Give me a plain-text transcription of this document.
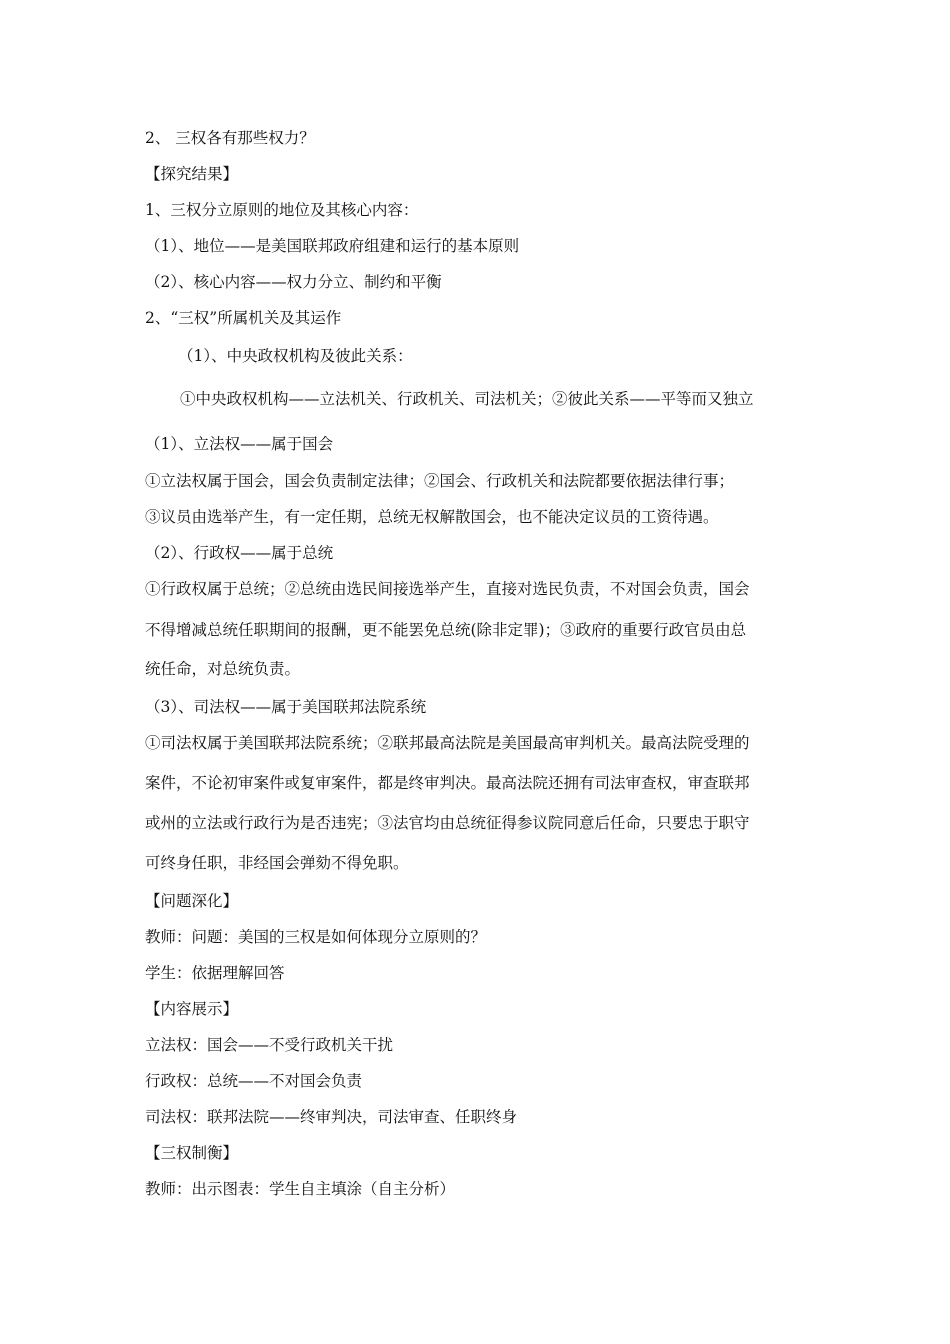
2、 三权各有那些权力？
【探究结果】
1、三权分立原则的地位及其核心内容：
（1）、地位——是美国联邦政府组建和运行的基本原则
（2）、核心内容——权力分立、制约和平衡
2、“三权”所属机关及其运作
（1）、中央政权机构及彼此关系：
①中央政权机构——立法机关、行政机关、司法机关；②彼此关系——平等而又独立
（1）、立法权——属于国会
①立法权属于国会，国会负责制定法律；②国会、行政机关和法院都要依据法律行事；
③议员由选举产生，有一定任期，总统无权解散国会，也不能决定议员的工资待遇。
（2）、行政权——属于总统
①行政权属于总统；②总统由选民间接选举产生，直接对选民负责，不对国会负责，国会
不得增减总统任职期间的报酬，更不能罢免总统(除非定罪)；③政府的重要行政官员由总
统任命，对总统负责。
（3）、司法权——属于美国联邦法院系统
①司法权属于美国联邦法院系统；②联邦最高法院是美国最高审判机关。最高法院受理的
案件，不论初审案件或复审案件，都是终审判决。最高法院还拥有司法审查权，审查联邦
或州的立法或行政行为是否违宪；③法官均由总统征得参议院同意后任命，只要忠于职守
可终身任职，非经国会弹劾不得免职。
【问题深化】
教师：问题：美国的三权是如何体现分立原则的？
学生：依据理解回答
【内容展示】
立法权：国会——不受行政机关干扰
行政权：总统——不对国会负责
司法权：联邦法院——终审判决，司法审查、任职终身
【三权制衡】
教师：出示图表：学生自主填涂（自主分析）
